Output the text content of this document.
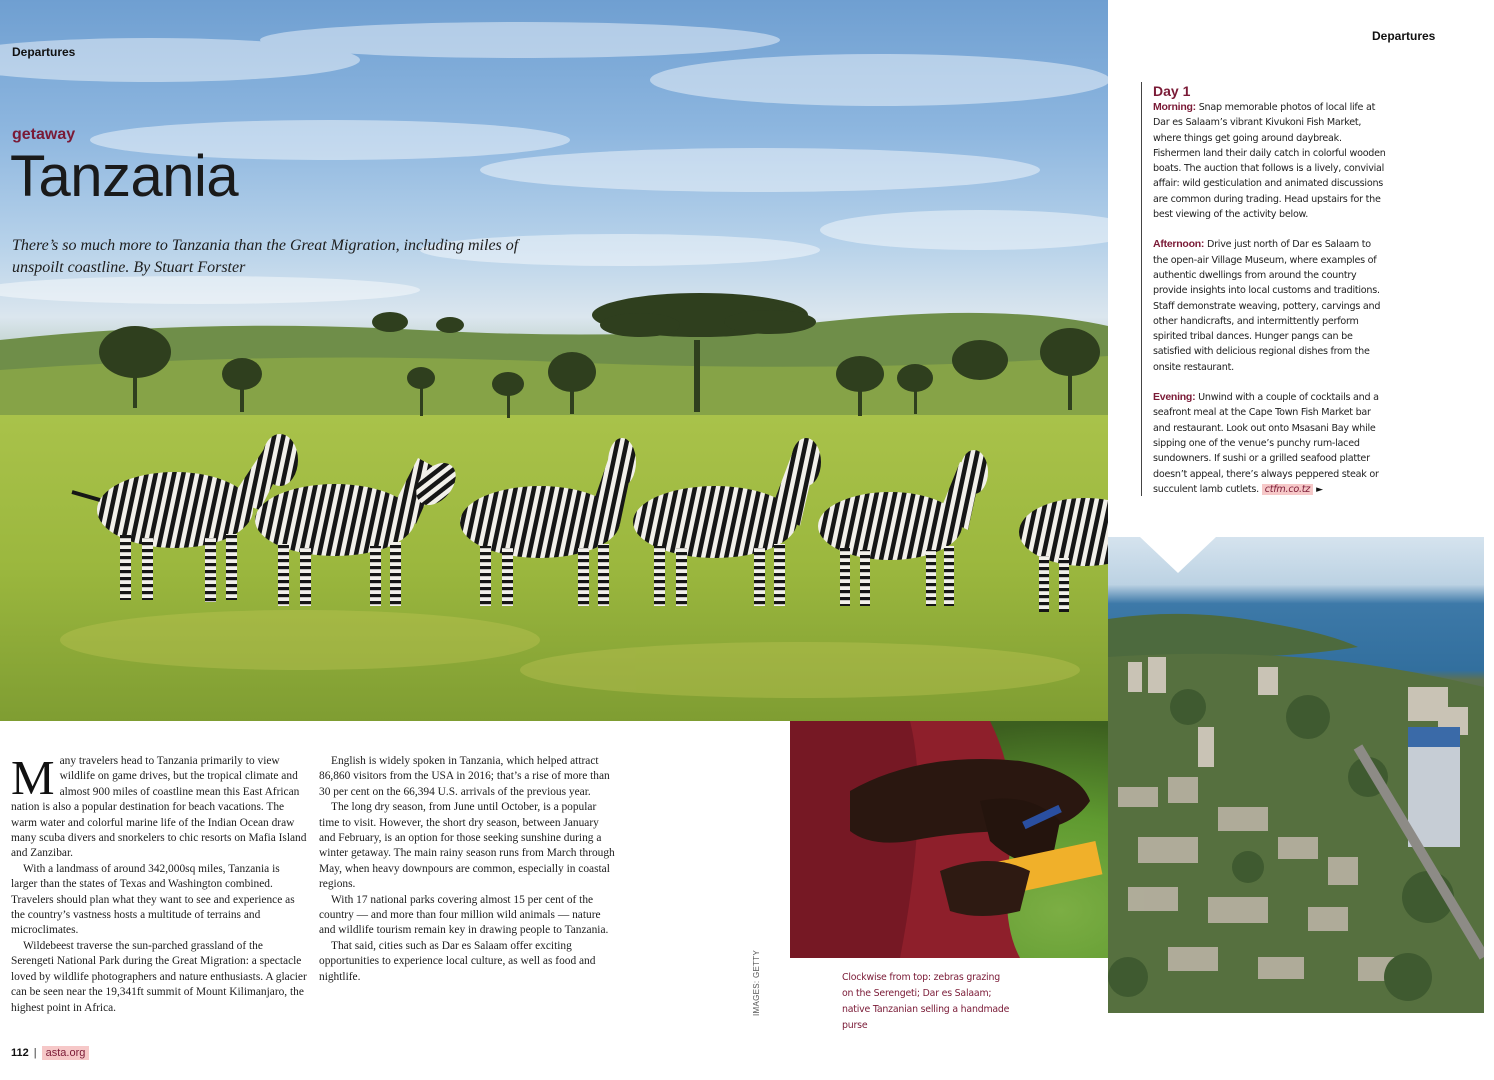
Departures
getaway
Tanzania
There’s so much more to Tanzania than the Great Migration, including miles of unspoilt coastline. By Stuart Forster
Departures
Day 1
Morning: Snap memorable photos of local life at Dar es Salaam’s vibrant Kivukoni Fish Market, where things get going around daybreak. Fishermen land their daily catch in colorful wooden boats. The auction that follows is a lively, convivial affair: wild gesticulation and animated discussions are common during trading. Head upstairs for the best viewing of the activity below.
Afternoon: Drive just north of Dar es Salaam to the open-air Village Museum, where examples of authentic dwellings from around the country provide insights into local customs and traditions. Staff demonstrate weaving, pottery, carvings and other handicrafts, and intermittently perform spirited tribal dances. Hunger pangs can be satisfied with delicious regional dishes from the onsite restaurant.
Evening: Unwind with a couple of cocktails and a seafront meal at the Cape Town Fish Market bar and restaurant. Look out onto Msasani Bay while sipping one of the venue’s punchy rum-laced sundowners. If sushi or a grilled seafood platter doesn’t appeal, there’s always peppered steak or succulent lamb cutlets. ctfm.co.tz ►
IMAGES: GETTY	Clockwise from top: zebras grazing on the Serengeti; Dar es Salaam; native Tanzanian selling a handmade purse

Many travelers head to Tanzania primarily to view wildlife on game drives, but the tropical climate and almost 900 miles of coastline mean this East African nation is also a popular destination for beach vacations. The warm water and colorful marine life of the Indian Ocean draw many scuba divers and snorkelers to chic resorts on Mafia Island and Zanzibar.

With a landmass of around 342,000sq miles, Tanzania is larger than the states of Texas and Washington combined. Travelers should plan what they want to see and experience as the country’s vastness hosts a multitude of terrains and microclimates.

Wildebeest traverse the sun-parched grassland of the Serengeti National Park during the Great Migration: a spectacle loved by wildlife photographers and nature enthusiasts. A glacier can be seen near the 19,341ft summit of Mount Kilimanjaro, the highest point in Africa.

English is widely spoken in Tanzania, which helped attract 86,860 visitors from the USA in 2016; that’s a rise of more than 30 per cent on the 66,394 U.S. arrivals of the previous year.

The long dry season, from June until October, is a popular time to visit. However, the short dry season, between January and February, is an option for those seeking sunshine during a winter getaway. The main rainy season runs from March through May, when heavy downpours are common, especially in coastal regions.

With 17 national parks covering almost 15 per cent of the country — and more than four million wild animals — nature and wildlife tourism remain key in drawing people to Tanzania.

That said, cities such as Dar es Salaam offer exciting opportunities to experience local culture, as well as food and nightlife.

112 | asta.org
